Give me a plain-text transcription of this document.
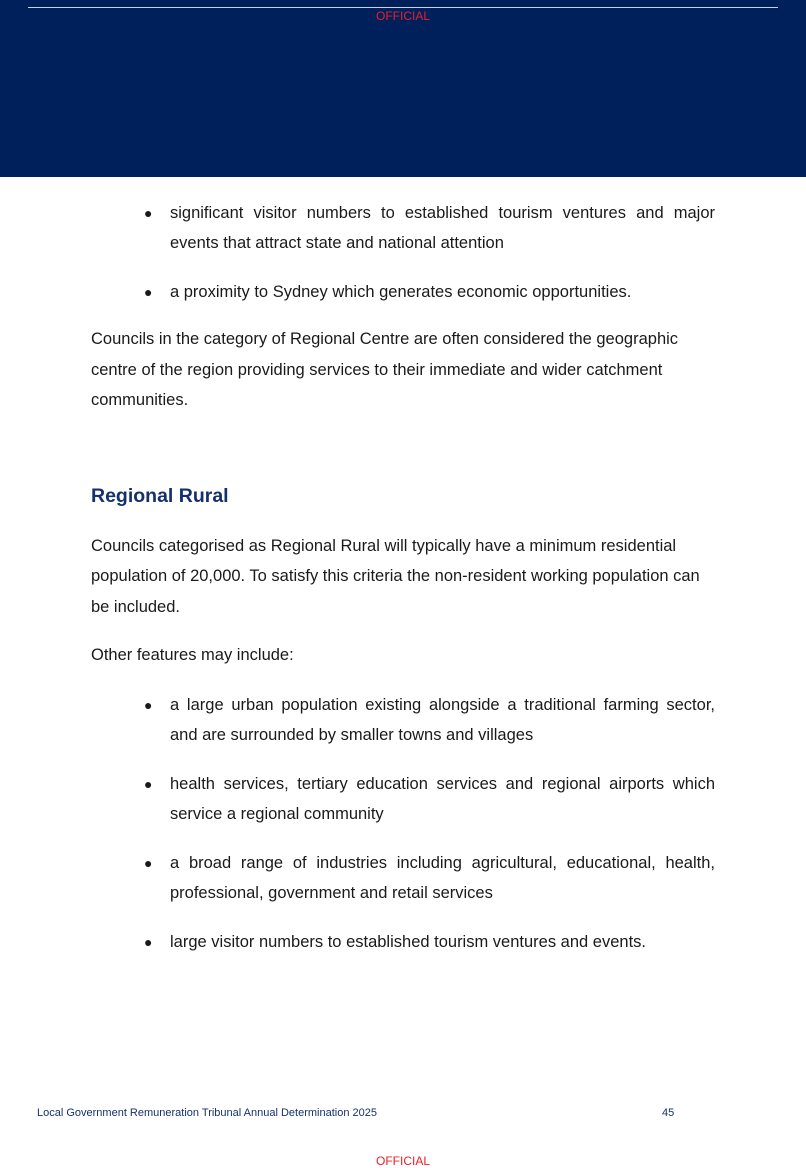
OFFICIAL
● significant visitor numbers to established tourism ventures and major events that attract state and national attention
● a proximity to Sydney which generates economic opportunities.

Councils in the category of Regional Centre are often considered the geographic centre of the region providing services to their immediate and wider catchment communities.

Regional Rural

Councils categorised as Regional Rural will typically have a minimum residential population of 20,000. To satisfy this criteria the non-resident working population can be included.

Other features may include:

● a large urban population existing alongside a traditional farming sector, and are surrounded by smaller towns and villages
● health services, tertiary education services and regional airports which service a regional community
● a broad range of industries including agricultural, educational, health, professional, government and retail services
● large visitor numbers to established tourism ventures and events.
Local Government Remuneration Tribunal Annual Determination 2025	45
OFFICIAL
